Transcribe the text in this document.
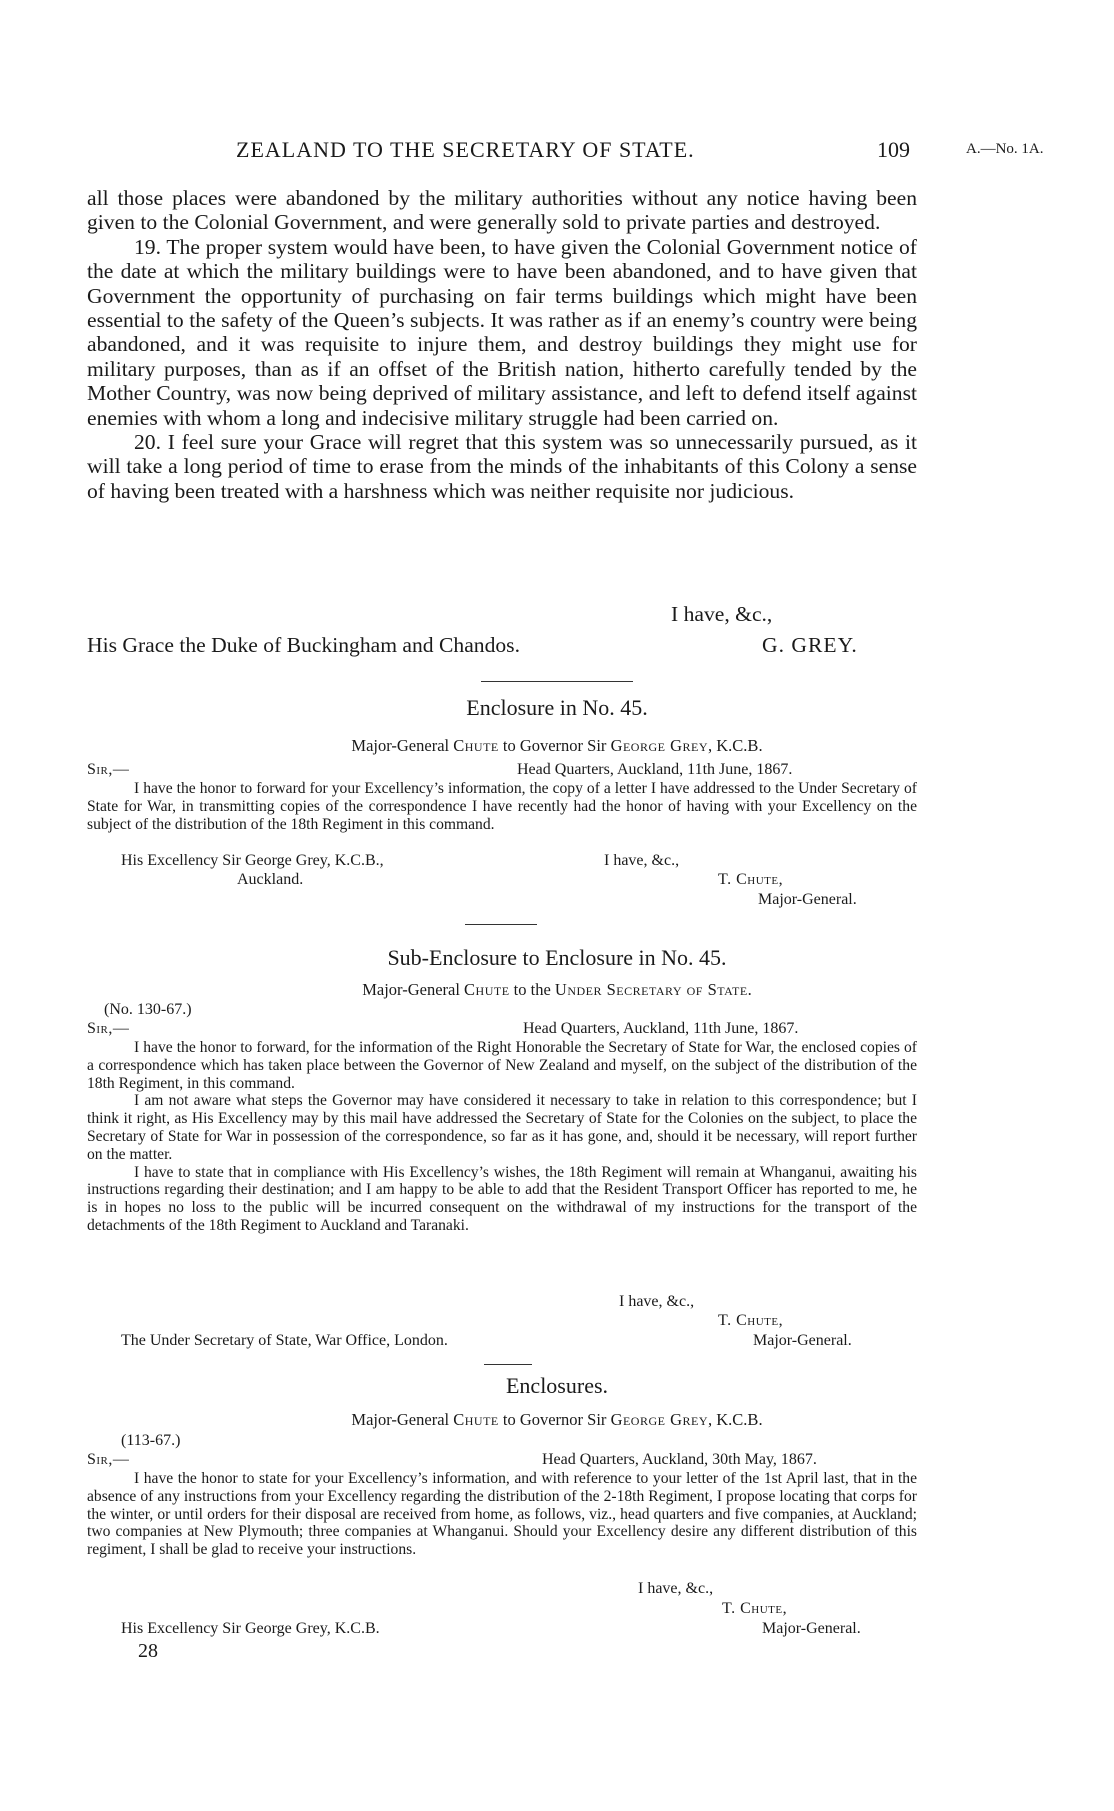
ZEALAND TO THE SECRETARY OF STATE.	109	A.—No. 1A.

all those places were abandoned by the military authorities without any notice having been given to the Colonial Government, and were generally sold to private parties and destroyed.

19. The proper system would have been, to have given the Colonial Government notice of the date at which the military buildings were to have been abandoned, and to have given that Government the opportunity of purchasing on fair terms buildings which might have been essential to the safety of the Queen’s subjects. It was rather as if an enemy’s country were being abandoned, and it was requisite to injure them, and destroy buildings they might use for military purposes, than as if an offset of the British nation, hitherto carefully tended by the Mother Country, was now being deprived of military assistance, and left to defend itself against enemies with whom a long and indecisive military struggle had been carried on.

20. I feel sure your Grace will regret that this system was so unnecessarily pursued, as it will take a long period of time to erase from the minds of the inhabitants of this Colony a sense of having been treated with a harshness which was neither requisite nor judicious.

I have, &c.,
His Grace the Duke of Buckingham and Chandos.	G. GREY.
Enclosure in No. 45.
Major-General Chute to Governor Sir George Grey, K.C.B.
Sir,—	Head Quarters, Auckland, 11th June, 1867.

I have the honor to forward for your Excellency’s information, the copy of a letter I have addressed to the Under Secretary of State for War, in transmitting copies of the correspondence I have recently had the honor of having with your Excellency on the subject of the distribution of the 18th Regiment in this command.

His Excellency Sir George Grey, K.C.B.,	I have, &c.,
Auckland.	T. Chute,
Major-General.
Sub-Enclosure to Enclosure in No. 45.
Major-General Chute to the Under Secretary of State.
(No. 130-67.)
Sir,—	Head Quarters, Auckland, 11th June, 1867.

I have the honor to forward, for the information of the Right Honorable the Secretary of State for War, the enclosed copies of a correspondence which has taken place between the Governor of New Zealand and myself, on the subject of the distribution of the 18th Regiment, in this command.

I am not aware what steps the Governor may have considered it necessary to take in relation to this correspondence; but I think it right, as His Excellency may by this mail have addressed the Secretary of State for the Colonies on the subject, to place the Secretary of State for War in possession of the correspondence, so far as it has gone, and, should it be necessary, will report further on the matter.

I have to state that in compliance with His Excellency’s wishes, the 18th Regiment will remain at Whanganui, awaiting his instructions regarding their destination; and I am happy to be able to add that the Resident Transport Officer has reported to me, he is in hopes no loss to the public will be incurred consequent on the withdrawal of my instructions for the transport of the detachments of the 18th Regiment to Auckland and Taranaki.

I have, &c.,
T. Chute,
The Under Secretary of State, War Office, London.	Major-General.
Enclosures.
Major-General Chute to Governor Sir George Grey, K.C.B.
(113-67.)
Sir,—	Head Quarters, Auckland, 30th May, 1867.

I have the honor to state for your Excellency’s information, and with reference to your letter of the 1st April last, that in the absence of any instructions from your Excellency regarding the distribution of the 2-18th Regiment, I propose locating that corps for the winter, or until orders for their disposal are received from home, as follows, viz., head quarters and five companies, at Auckland; two companies at New Plymouth; three companies at Whanganui. Should your Excellency desire any different distribution of this regiment, I shall be glad to receive your instructions.

I have, &c.,
T. Chute,
His Excellency Sir George Grey, K.C.B.	Major-General.
28
